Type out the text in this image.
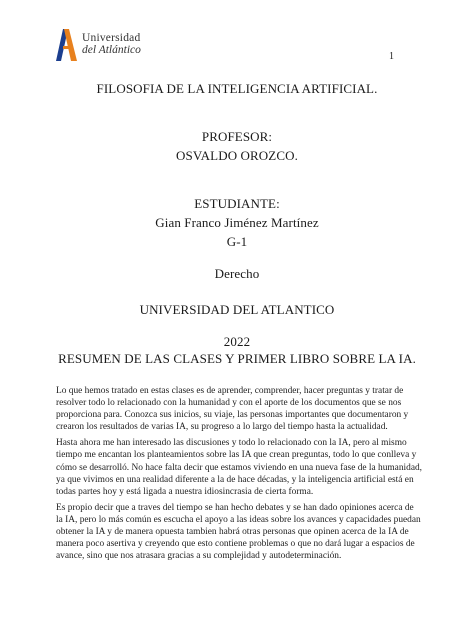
Universidad
del Atlántico
1
FILOSOFIA DE LA INTELIGENCIA ARTIFICIAL.
PROFESOR:
OSVALDO OROZCO.
ESTUDIANTE:
Gian Franco Jiménez Martínez
G-1
Derecho
UNIVERSIDAD DEL ATLANTICO
2022
RESUMEN DE LAS CLASES Y PRIMER LIBRO SOBRE LA IA.

Lo que hemos tratado en estas clases es de aprender, comprender, hacer preguntas y tratar de resolver todo lo relacionado con la humanidad y con el aporte de los documentos que se nos proporciona para. Conozca sus inicios, su viaje, las personas importantes que documentaron y crearon los resultados de varias IA, su progreso a lo largo del tiempo hasta la actualidad.

Hasta ahora me han interesado las discusiones y todo lo relacionado con la IA, pero al mismo tiempo me encantan los planteamientos sobre las IA que crean preguntas, todo lo que conlleva y cómo se desarrolló. No hace falta decir que estamos viviendo en una nueva fase de la humanidad, ya que vivimos en una realidad diferente a la de hace décadas, y la inteligencia artificial está en todas partes hoy y está ligada a nuestra idiosincrasia de cierta forma.

Es propio decir que a traves del tiempo se han hecho debates y se han dado opiniones acerca de la IA, pero lo más común es escucha el apoyo a las ideas sobre los avances y capacidades puedan obtener la IA y de manera opuesta tambien habrá otras personas que opinen acerca de la IA de manera poco asertiva y creyendo que esto contiene problemas o que no dará lugar a espacios de avance, sino que nos atrasara gracias a su complejidad y autodeterminación.
